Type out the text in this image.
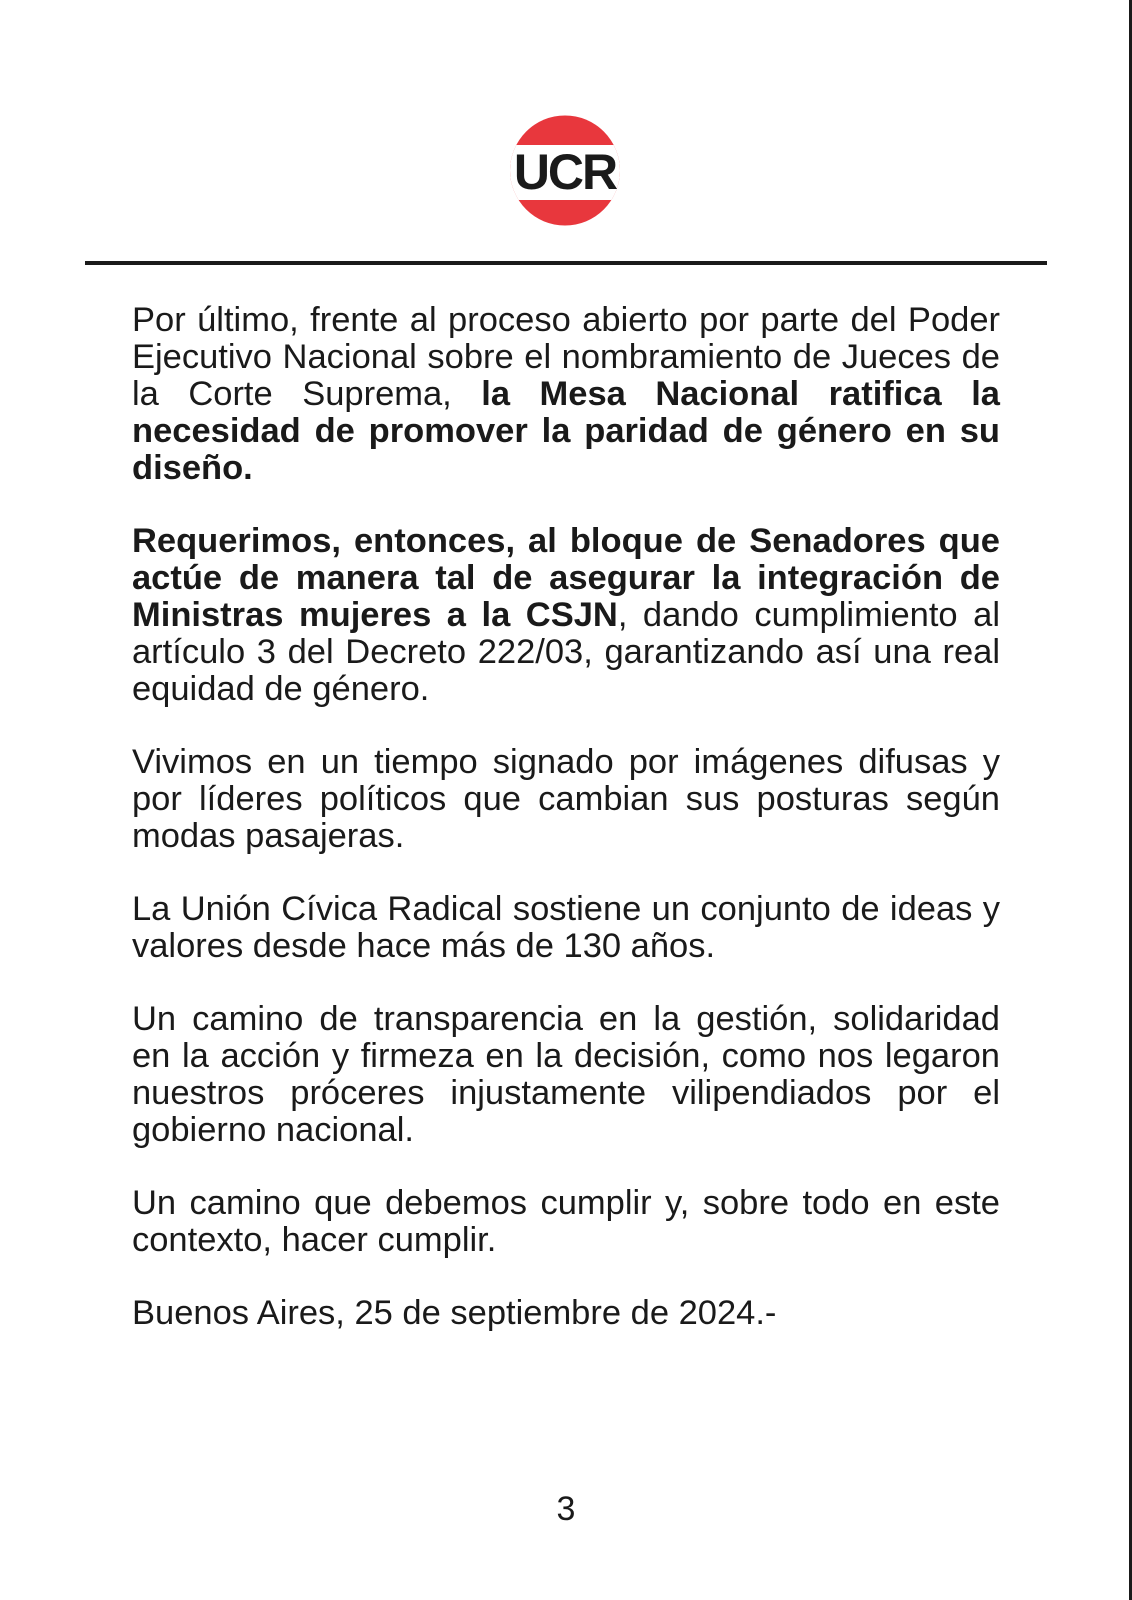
UCR

Por último, frente al proceso abierto por parte del Poder Ejecutivo Nacional sobre el nombramiento de Jueces de la Corte Suprema, la Mesa Nacional ratifica la necesidad de promover la paridad de género en su diseño.

Requerimos, entonces, al bloque de Senadores que actúe de manera tal de asegurar la integración de Ministras mujeres a la CSJN, dando cumplimiento al artículo 3 del Decreto 222/03, garantizando así una real equidad de género.

Vivimos en un tiempo signado por imágenes difusas y por líderes políticos que cambian sus posturas según modas pasajeras.

La Unión Cívica Radical sostiene un conjunto de ideas y valores desde hace más de 130 años.

Un camino de transparencia en la gestión, solidaridad en la acción y firmeza en la decisión, como nos legaron nuestros próceres injustamente vilipendiados por el gobierno nacional.

Un camino que debemos cumplir y, sobre todo en este contexto, hacer cumplir.

Buenos Aires, 25 de septiembre de 2024.-

3
